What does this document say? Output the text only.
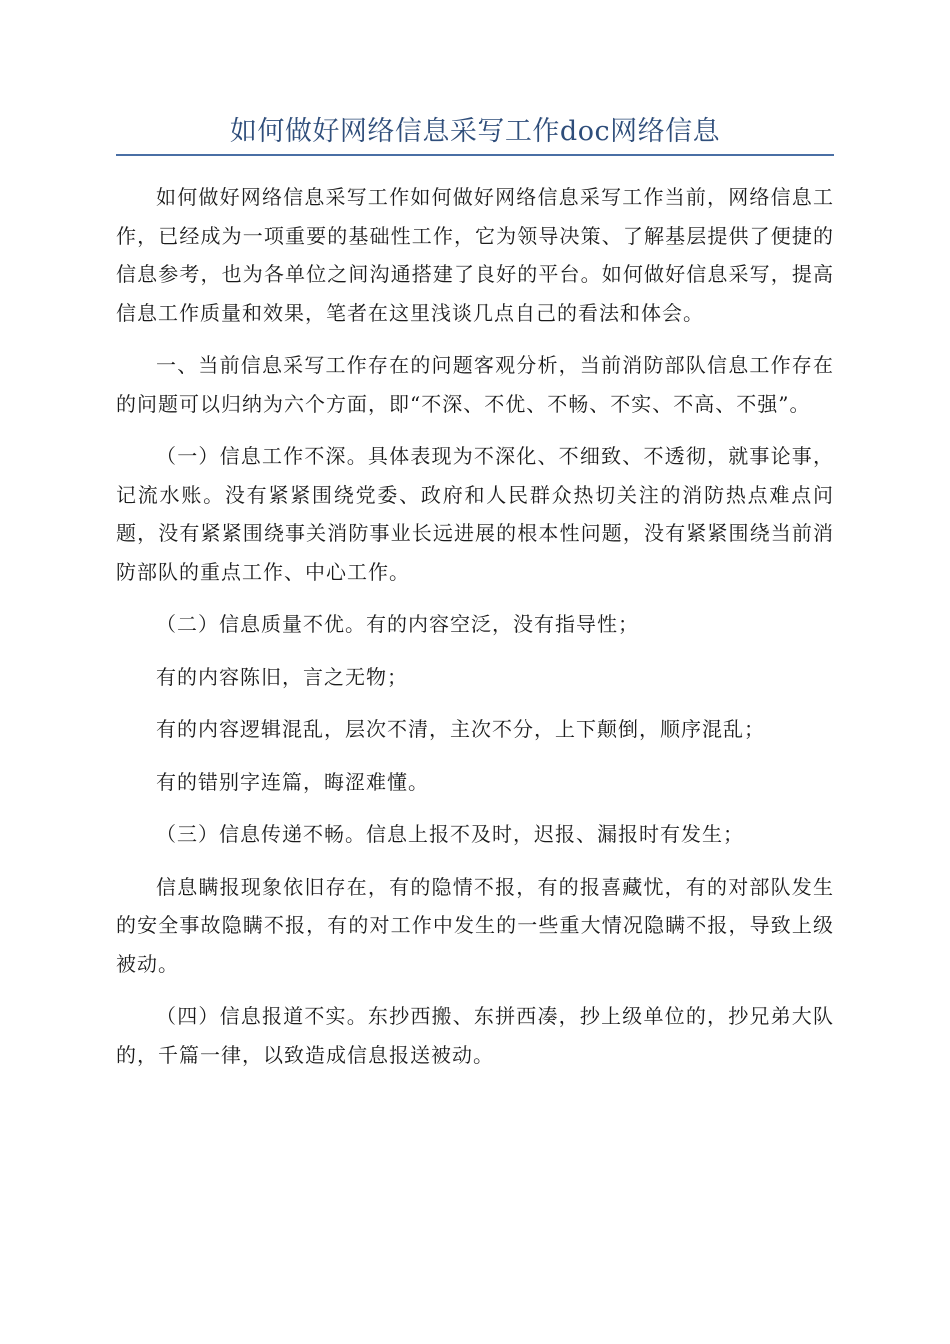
如何做好网络信息采写工作doc网络信息

如何做好网络信息采写工作如何做好网络信息采写工作当前，网络信息工作，已经成为一项重要的基础性工作，它为领导决策、了解基层提供了便捷的信息参考，也为各单位之间沟通搭建了良好的平台。如何做好信息采写，提高信息工作质量和效果，笔者在这里浅谈几点自己的看法和体会。

一、当前信息采写工作存在的问题客观分析，当前消防部队信息工作存在的问题可以归纳为六个方面，即“不深、不优、不畅、不实、不高、不强”。

（一）信息工作不深。具体表现为不深化、不细致、不透彻，就事论事，记流水账。没有紧紧围绕党委、政府和人民群众热切关注的消防热点难点问题，没有紧紧围绕事关消防事业长远进展的根本性问题，没有紧紧围绕当前消防部队的重点工作、中心工作。

（二）信息质量不优。有的内容空泛，没有指导性；

有的内容陈旧，言之无物；

有的内容逻辑混乱，层次不清，主次不分，上下颠倒，顺序混乱；

有的错别字连篇，晦涩难懂。

（三）信息传递不畅。信息上报不及时，迟报、漏报时有发生；

信息瞒报现象依旧存在，有的隐情不报，有的报喜藏忧，有的对部队发生的安全事故隐瞒不报，有的对工作中发生的一些重大情况隐瞒不报，导致上级被动。

（四）信息报道不实。东抄西搬、东拼西凑，抄上级单位的，抄兄弟大队的，千篇一律，以致造成信息报送被动。
